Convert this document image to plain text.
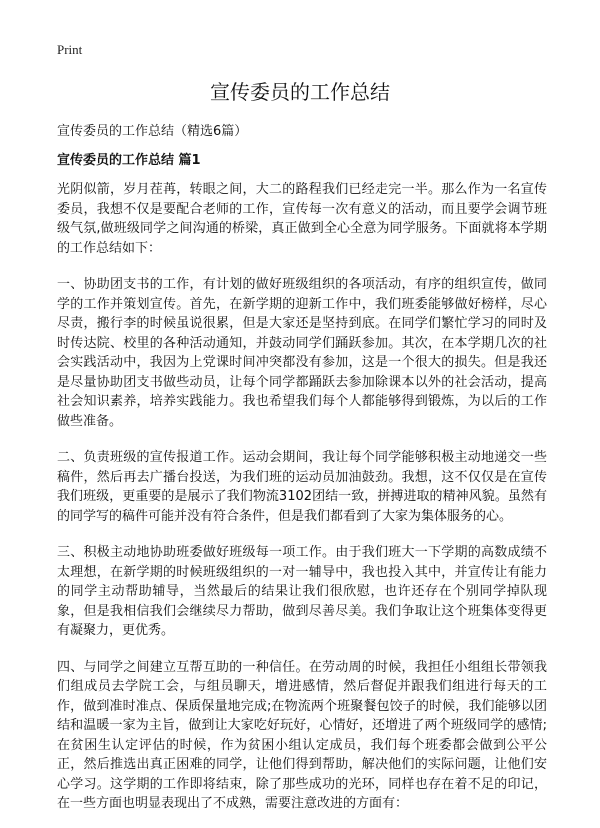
Print
宣传委员的工作总结
宣传委员的工作总结（精选6篇）
宣传委员的工作总结 篇1

光阴似箭，岁月茬苒，转眼之间，大二的路程我们已经走完一半。那么作为一名宣传委员，我想不仅是要配合老师的工作，宣传每一次有意义的活动，而且要学会调节班级气氛,做班级同学之间沟通的桥梁，真正做到全心全意为同学服务。下面就将本学期的工作总结如下：

一、协助团支书的工作，有计划的做好班级组织的各项活动，有序的组织宣传，做同学的工作并策划宣传。首先，在新学期的迎新工作中，我们班委能够做好榜样，尽心尽责，搬行李的时候虽说很累，但是大家还是坚持到底。在同学们繁忙学习的同时及时传达院、校里的各种活动通知，并鼓动同学们踊跃参加。其次，在本学期几次的社会实践活动中，我因为上党课时间冲突都没有参加，这是一个很大的损失。但是我还是尽量协助团支书做些动员，让每个同学都踊跃去参加除课本以外的社会活动，提高社会知识素养，培养实践能力。我也希望我们每个人都能够得到锻炼，为以后的工作做些准备。

二、负责班级的宣传报道工作。运动会期间，我让每个同学能够积极主动地递交一些稿件，然后再去广播台投送，为我们班的运动员加油鼓劲。我想，这不仅仅是在宣传我们班级，更重要的是展示了我们物流3102团结一致，拼搏进取的精神风貌。虽然有的同学写的稿件可能并没有符合条件，但是我们都看到了大家为集体服务的心。

三、积极主动地协助班委做好班级每一项工作。由于我们班大一下学期的高数成绩不太理想，在新学期的时候班级组织的一对一辅导中，我也投入其中，并宣传让有能力的同学主动帮助辅导，当然最后的结果让我们很欣慰，也许还存在个别同学掉队现象，但是我相信我们会继续尽力帮助，做到尽善尽美。我们争取让这个班集体变得更有凝聚力，更优秀。

四、与同学之间建立互帮互助的一种信任。在劳动周的时候，我担任小组组长带领我们组成员去学院工会，与组员聊天，增进感情，然后督促并跟我们组进行每天的工作，做到准时准点、保质保量地完成;在物流两个班聚餐包饺子的时候，我们能够以团结和温暖一家为主旨，做到让大家吃好玩好，心情好，还增进了两个班级同学的感情;在贫困生认定评估的时候，作为贫困小组认定成员，我们每个班委都会做到公平公正，然后推选出真正困难的同学，让他们得到帮助，解决他们的实际问题，让他们安心学习。这学期的工作即将结束，除了那些成功的光环，同样也存在着不足的印记，在一些方面也明显表现出了不成熟，需要注意改进的方面有：
